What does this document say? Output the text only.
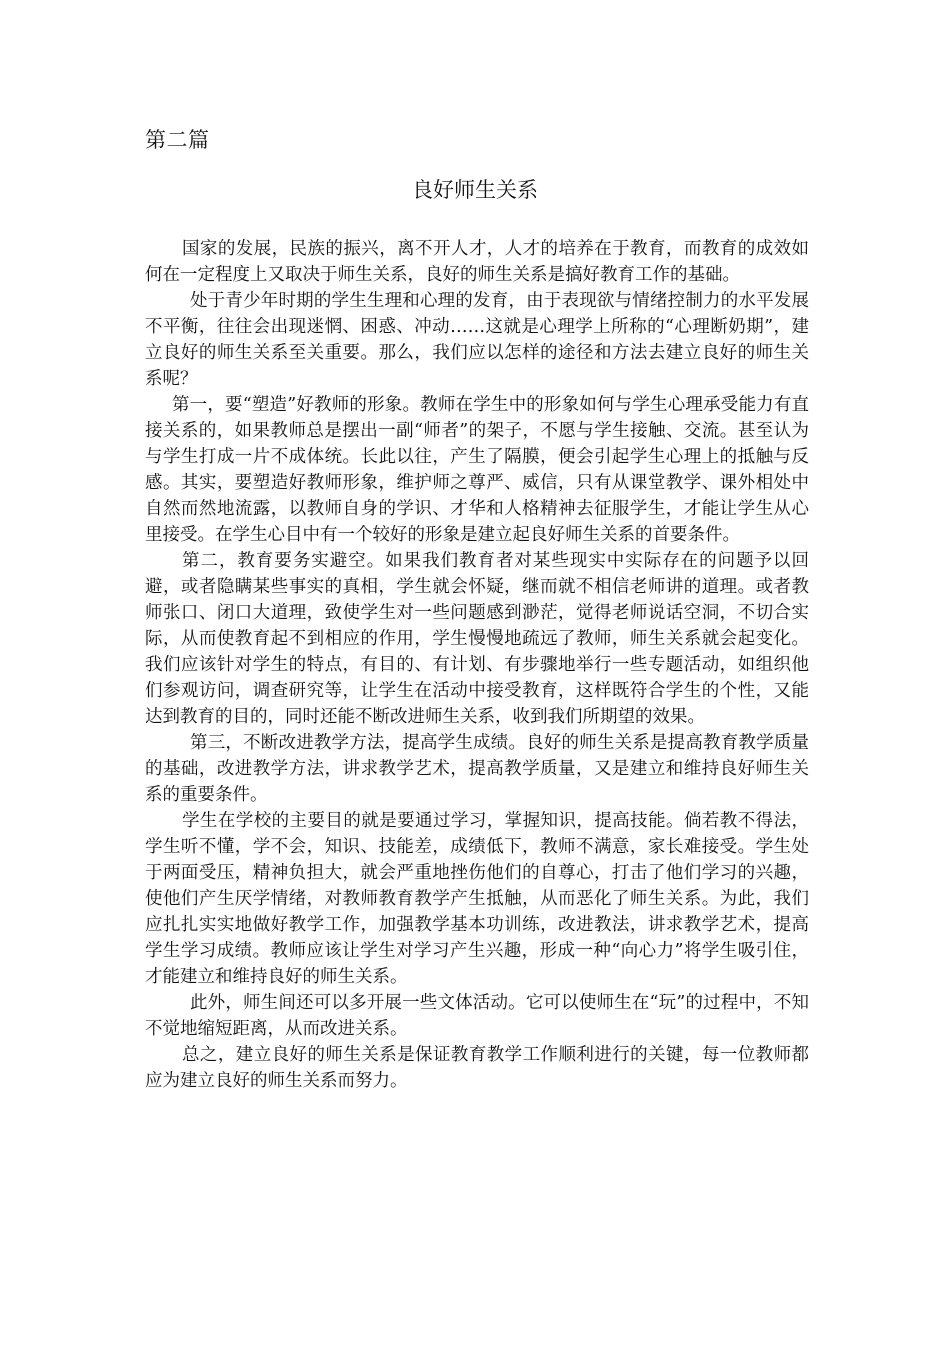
第二篇
良好师生关系

国家的发展，民族的振兴，离不开人才，人才的培养在于教育，而教育的成效如何在一定程度上又取决于师生关系，良好的师生关系是搞好教育工作的基础。

处于青少年时期的学生生理和心理的发育，由于表现欲与情绪控制力的水平发展不平衡，往往会出现迷惘、困惑、冲动……这就是心理学上所称的“心理断奶期”，建立良好的师生关系至关重要。那么，我们应以怎样的途径和方法去建立良好的师生关系呢？

第一，要“塑造”好教师的形象。教师在学生中的形象如何与学生心理承受能力有直接关系的，如果教师总是摆出一副“师者”的架子，不愿与学生接触、交流。甚至认为与学生打成一片不成体统。长此以往，产生了隔膜，便会引起学生心理上的抵触与反感。其实，要塑造好教师形象，维护师之尊严、威信，只有从课堂教学、课外相处中自然而然地流露，以教师自身的学识、才华和人格精神去征服学生，才能让学生从心里接受。在学生心目中有一个较好的形象是建立起良好师生关系的首要条件。

第二，教育要务实避空。如果我们教育者对某些现实中实际存在的问题予以回避，或者隐瞒某些事实的真相，学生就会怀疑，继而就不相信老师讲的道理。或者教师张口、闭口大道理，致使学生对一些问题感到渺茫，觉得老师说话空洞，不切合实际，从而使教育起不到相应的作用，学生慢慢地疏远了教师，师生关系就会起变化。我们应该针对学生的特点，有目的、有计划、有步骤地举行一些专题活动，如组织他们参观访问，调查研究等，让学生在活动中接受教育，这样既符合学生的个性，又能达到教育的目的，同时还能不断改进师生关系，收到我们所期望的效果。

第三，不断改进教学方法，提高学生成绩。良好的师生关系是提高教育教学质量的基础，改进教学方法，讲求教学艺术，提高教学质量，又是建立和维持良好师生关系的重要条件。

学生在学校的主要目的就是要通过学习，掌握知识，提高技能。倘若教不得法，学生听不懂，学不会，知识、技能差，成绩低下，教师不满意，家长难接受。学生处于两面受压，精神负担大，就会严重地挫伤他们的自尊心，打击了他们学习的兴趣，使他们产生厌学情绪，对教师教育教学产生抵触，从而恶化了师生关系。为此，我们应扎扎实实地做好教学工作，加强教学基本功训练，改进教法，讲求教学艺术，提高学生学习成绩。教师应该让学生对学习产生兴趣，形成一种“向心力”将学生吸引住，才能建立和维持良好的师生关系。

此外，师生间还可以多开展一些文体活动。它可以使师生在“玩”的过程中，不知不觉地缩短距离，从而改进关系。

总之，建立良好的师生关系是保证教育教学工作顺利进行的关键，每一位教师都应为建立良好的师生关系而努力。
